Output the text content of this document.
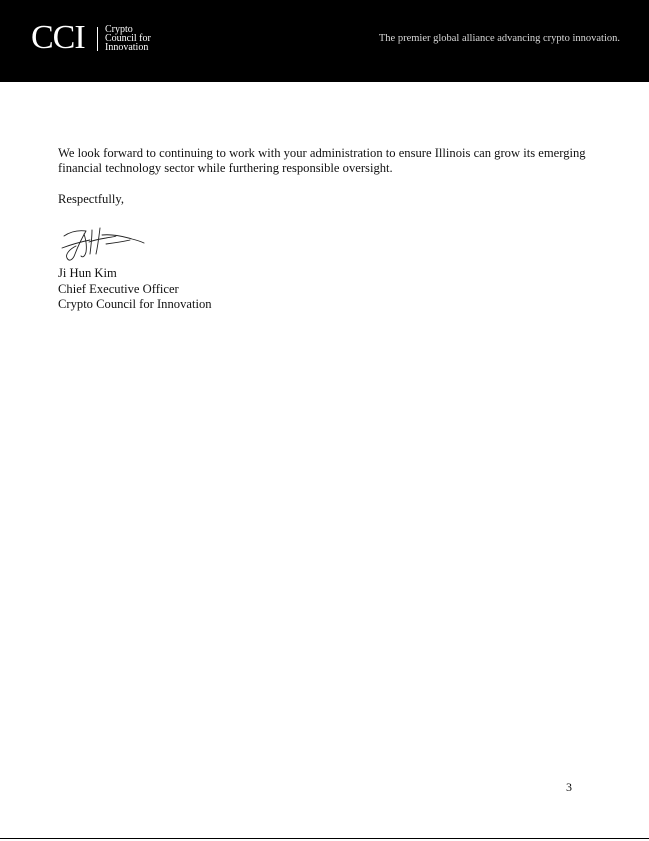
CCI Crypto
Council for
Innovation
The premier global alliance advancing crypto innovation.

We look forward to continuing to work with your administration to ensure Illinois can grow its emerging financial technology sector while furthering responsible oversight.

Respectfully,

Ji Hun Kim
Chief Executive Officer
Crypto Council for Innovation
3
